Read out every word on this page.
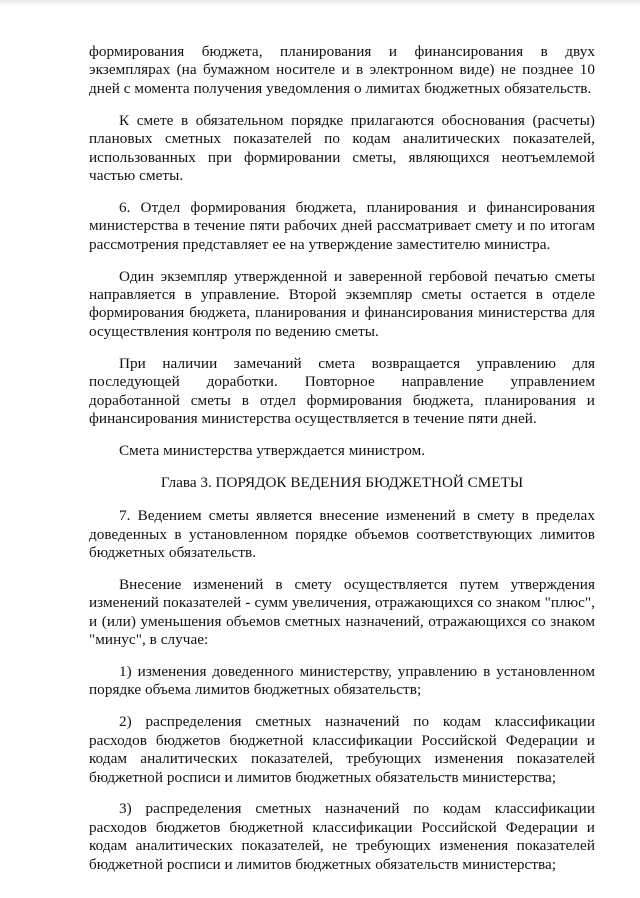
формирования бюджета, планирования и финансирования в двух экземплярах (на бумажном носителе и в электронном виде) не позднее 10 дней с момента получения уведомления о лимитах бюджетных обязательств.

К смете в обязательном порядке прилагаются обоснования (расчеты) плановых сметных показателей по кодам аналитических показателей, использованных при формировании сметы, являющихся неотъемлемой частью сметы.

6. Отдел формирования бюджета, планирования и финансирования министерства в течение пяти рабочих дней рассматривает смету и по итогам рассмотрения представляет ее на утверждение заместителю министра.

Один экземпляр утвержденной и заверенной гербовой печатью сметы направляется в управление. Второй экземпляр сметы остается в отделе формирования бюджета, планирования и финансирования министерства для осуществления контроля по ведению сметы.

При наличии замечаний смета возвращается управлению для последующей доработки. Повторное направление управлением доработанной сметы в отдел формирования бюджета, планирования и финансирования министерства осуществляется в течение пяти дней.

Смета министерства утверждается министром.

Глава 3. ПОРЯДОК ВЕДЕНИЯ БЮДЖЕТНОЙ СМЕТЫ

7. Ведением сметы является внесение изменений в смету в пределах доведенных в установленном порядке объемов соответствующих лимитов бюджетных обязательств.

Внесение изменений в смету осуществляется путем утверждения изменений показателей - сумм увеличения, отражающихся со знаком "плюс", и (или) уменьшения объемов сметных назначений, отражающихся со знаком "минус", в случае:

1) изменения доведенного министерству, управлению в установленном порядке объема лимитов бюджетных обязательств;

2) распределения сметных назначений по кодам классификации расходов бюджетов бюджетной классификации Российской Федерации и кодам аналитических показателей, требующих изменения показателей бюджетной росписи и лимитов бюджетных обязательств министерства;

3) распределения сметных назначений по кодам классификации расходов бюджетов бюджетной классификации Российской Федерации и кодам аналитических показателей, не требующих изменения показателей бюджетной росписи и лимитов бюджетных обязательств министерства;
